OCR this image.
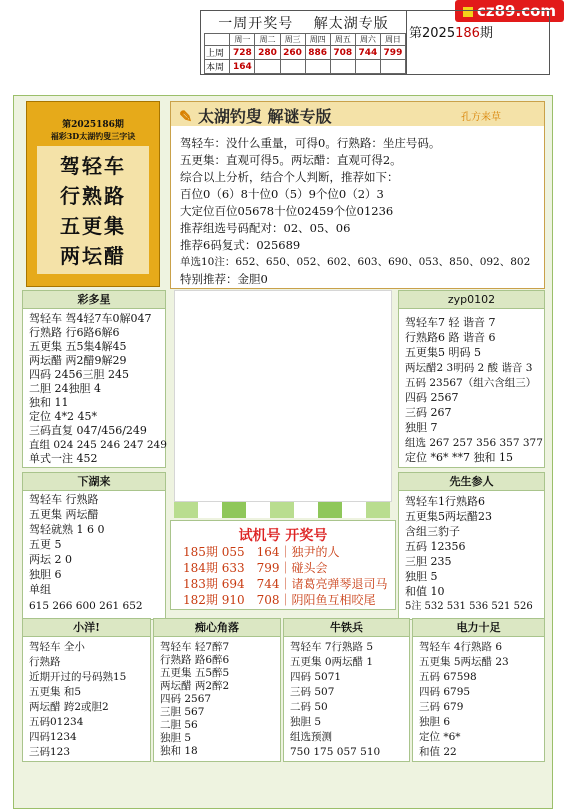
cz89.com
一周开奖号　 解太湖专版
	周一	周二	周三	周四	周五	周六	周日
上周	728	280	260	886	708	744	799
本周	164						
第2025186期
第2025186期
福彩3D太湖钓叟三字诀
驾轻车
行熟路
五更集
两坛醋
✎ 太湖钓叟 解谜专版	孔方来草
驾轻车：没什么重量，可得0。行熟路：坐庄号码。
五更集：直观可得5。两坛醋：直观可得2。
综合以上分析，结合个人判断，推荐如下：
百位0（6）8十位0（5）9个位0（2）3
大定位百位05678十位02459个位01236
推荐组选号码配对：02、05、06
推荐6码复式：025689
单选10注：652、650、052、602、603、690、053、850、092、802
特别推荐：金胆0
彩多星
驾轻车 驾4轻7车0解047
行熟路 行6路6解6
五更集 五5集4解45
两坛醋 两2醋9解29
四码 2456三胆 245
二胆 24独胆 4
独和 11
定位 4*2 45*
三码直复 047/456/249
直组 024 245 246 247 249
单式一注 452
下湖来
驾轻车 行熟路
五更集 两坛醋
驾轻就熟 1 6 0
五更 5
两坛 2 0
独胆 6
单组
615 266 600 261 652
试机号 开奖号
185期 055　164｜独尹的人
184期 633　799｜碰头会
183期 694　744｜诸葛亮弹琴退司马
182期 910　708｜阴阳鱼互相咬尾
zyp0102
驾轻车7 轻 谐音 7
行熟路6 路 谐音 6
五更集5 明码 5
两坛醋2 3明码 2 酸 谐音 3
五码 23567（组六含组三）
四码 2567
三码 267
独胆 7
组选 267 257 356 357 377
定位 *6* **7 独和 15
先生参人
驾轻车1行熟路6
五更集5两坛醋23
含组三豹子
五码 12356
三胆 235
独胆 5
和值 10
5注 532 531 536 521 526
小洋!
驾轻车 全小
行熟路
近期开过的号码熟15
五更集 和5
两坛醋 跨2或胆2
五码01234
四码1234
三码123
痴心角落
驾轻车 轻7醉7
行熟路 路6醉6
五更集 五5醉5
两坛醋 两2醉2
四码 2567
三胆 567
二胆 56
独胆 5
独和 18
牛铁兵
驾轻车 7行熟路 5
五更集 0两坛醋 1
四码 5071
三码 507
二码 50
独胆 5
组选预测
750 175 057 510
电力十足
驾轻车 4行熟路 6
五更集 5两坛醋 23
五码 67598
四码 6795
三码 679
独胆 6
定位 *6*
和值 22
